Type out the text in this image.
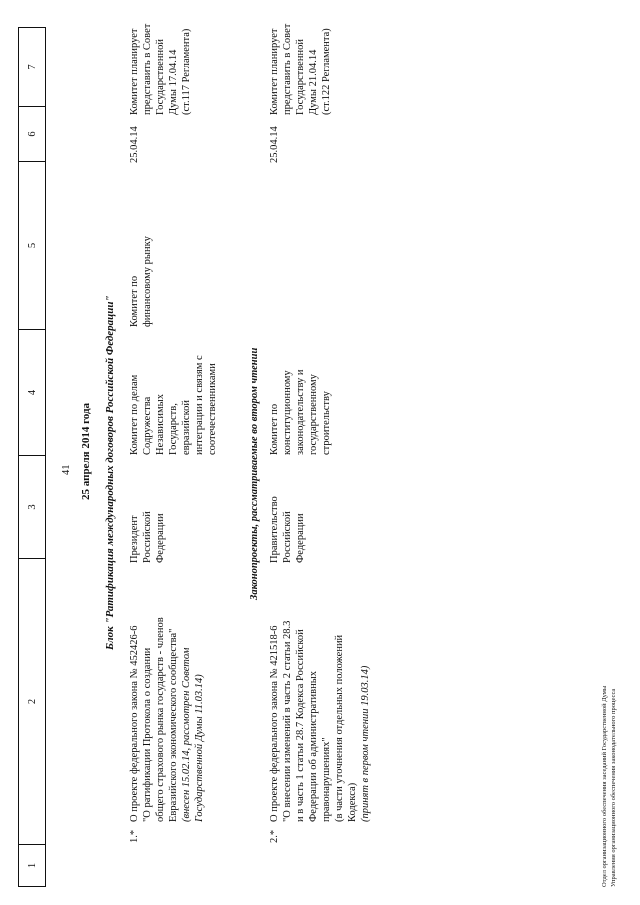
1
2
3
4
5
6
7
41 25 апреля 2014 года Блок "Ратификация международных договоров Российской Федерации"
1.*
О проекте федерального закона № 452426-6 "О ратификации Протокола о создании общего страхового рынка государств - членов Евразийского экономического сообщества" (внесен 15.02.14, рассмотрен Советом Государственной Думы 11.03.14)
Президент Российской Федерации
Комитет по делам Содружества Независимых Государств, евразийской интеграции и связям с соотечественниками
Комитет по финансовому рынку
25.04.14
Комитет планирует представить в Совет Государственной Думы 17.04.14 (ст.117 Регламента)
Законопроекты, рассматриваемые во втором чтении
2.*
О проекте федерального закона № 421518-6 "О внесении изменений в часть 2 статьи 28.3 и в часть 1 статьи 28.7 Кодекса Российской Федерации об административных правонарушениях" (в части уточнения отдельных положений Кодекса) (принят в первом чтении 19.03.14)
Правительство Российской Федерации
Комитет по конституционному законодательству и государственному строительству
25.04.14
Комитет планирует представить в Совет Государственной Думы 21.04.14 (ст.122 Регламента)
Отдел организационного обеспечения заседаний Государственной Думы Управления организационного обеспечения законодательного процесса
